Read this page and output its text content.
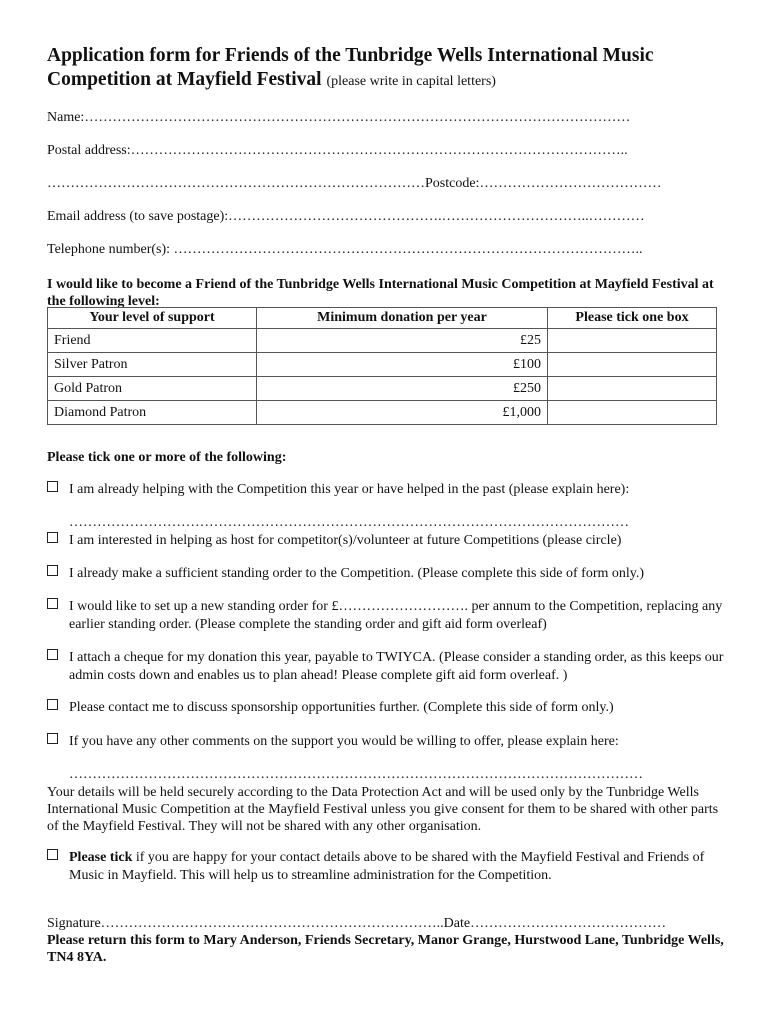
Application form for Friends of the Tunbridge Wells International Music Competition at Mayfield Festival (please write in capital letters)
Name:………………………………………………………………………………………………………
Postal address:……………………………………………………………………………………………..
………………………………………………………………………Postcode:…………………………………
Email address (to save postage):……………………………………….…………………………..…………
Telephone number(s): ………………………………………………………………………………………..
I would like to become a Friend of the Tunbridge Wells International Music Competition at Mayfield Festival at the following level:
Your level of support	Minimum donation per year	Please tick one box
Friend	£25	
Silver Patron	£100	
Gold Patron	£250	
Diamond Patron	£1,000	
Please tick one or more of the following:
I am already helping with the Competition this year or have helped in the past (please explain here):
…………………………………………………………………………………………………………
I am interested in helping as host for competitor(s)/volunteer at future Competitions (please circle)
I already make a sufficient standing order to the Competition. (Please complete this side of form only.)
I would like to set up a new standing order for £………………………. per annum to the Competition, replacing any earlier standing order. (Please complete the standing order and gift aid form overleaf)
I attach a cheque for my donation this year, payable to TWIYCA. (Please consider a standing order, as this keeps our admin costs down and enables us to plan ahead! Please complete gift aid form overleaf. )
Please contact me to discuss sponsorship opportunities further. (Complete this side of form only.)
If you have any other comments on the support you would be willing to offer, please explain here:
……………………………………………………………………………………………………………
Your details will be held securely according to the Data Protection Act and will be used only by the Tunbridge Wells International Music Competition at the Mayfield Festival unless you give consent for them to be shared with other parts of the Mayfield Festival. They will not be shared with any other organisation.
Please tick if you are happy for your contact details above to be shared with the Mayfield Festival and Friends of Music in Mayfield. This will help us to streamline administration for the Competition.
Signature………………………………………………………………..Date……………………………………
Please return this form to Mary Anderson, Friends Secretary, Manor Grange, Hurstwood Lane, Tunbridge Wells, TN4 8YA.
